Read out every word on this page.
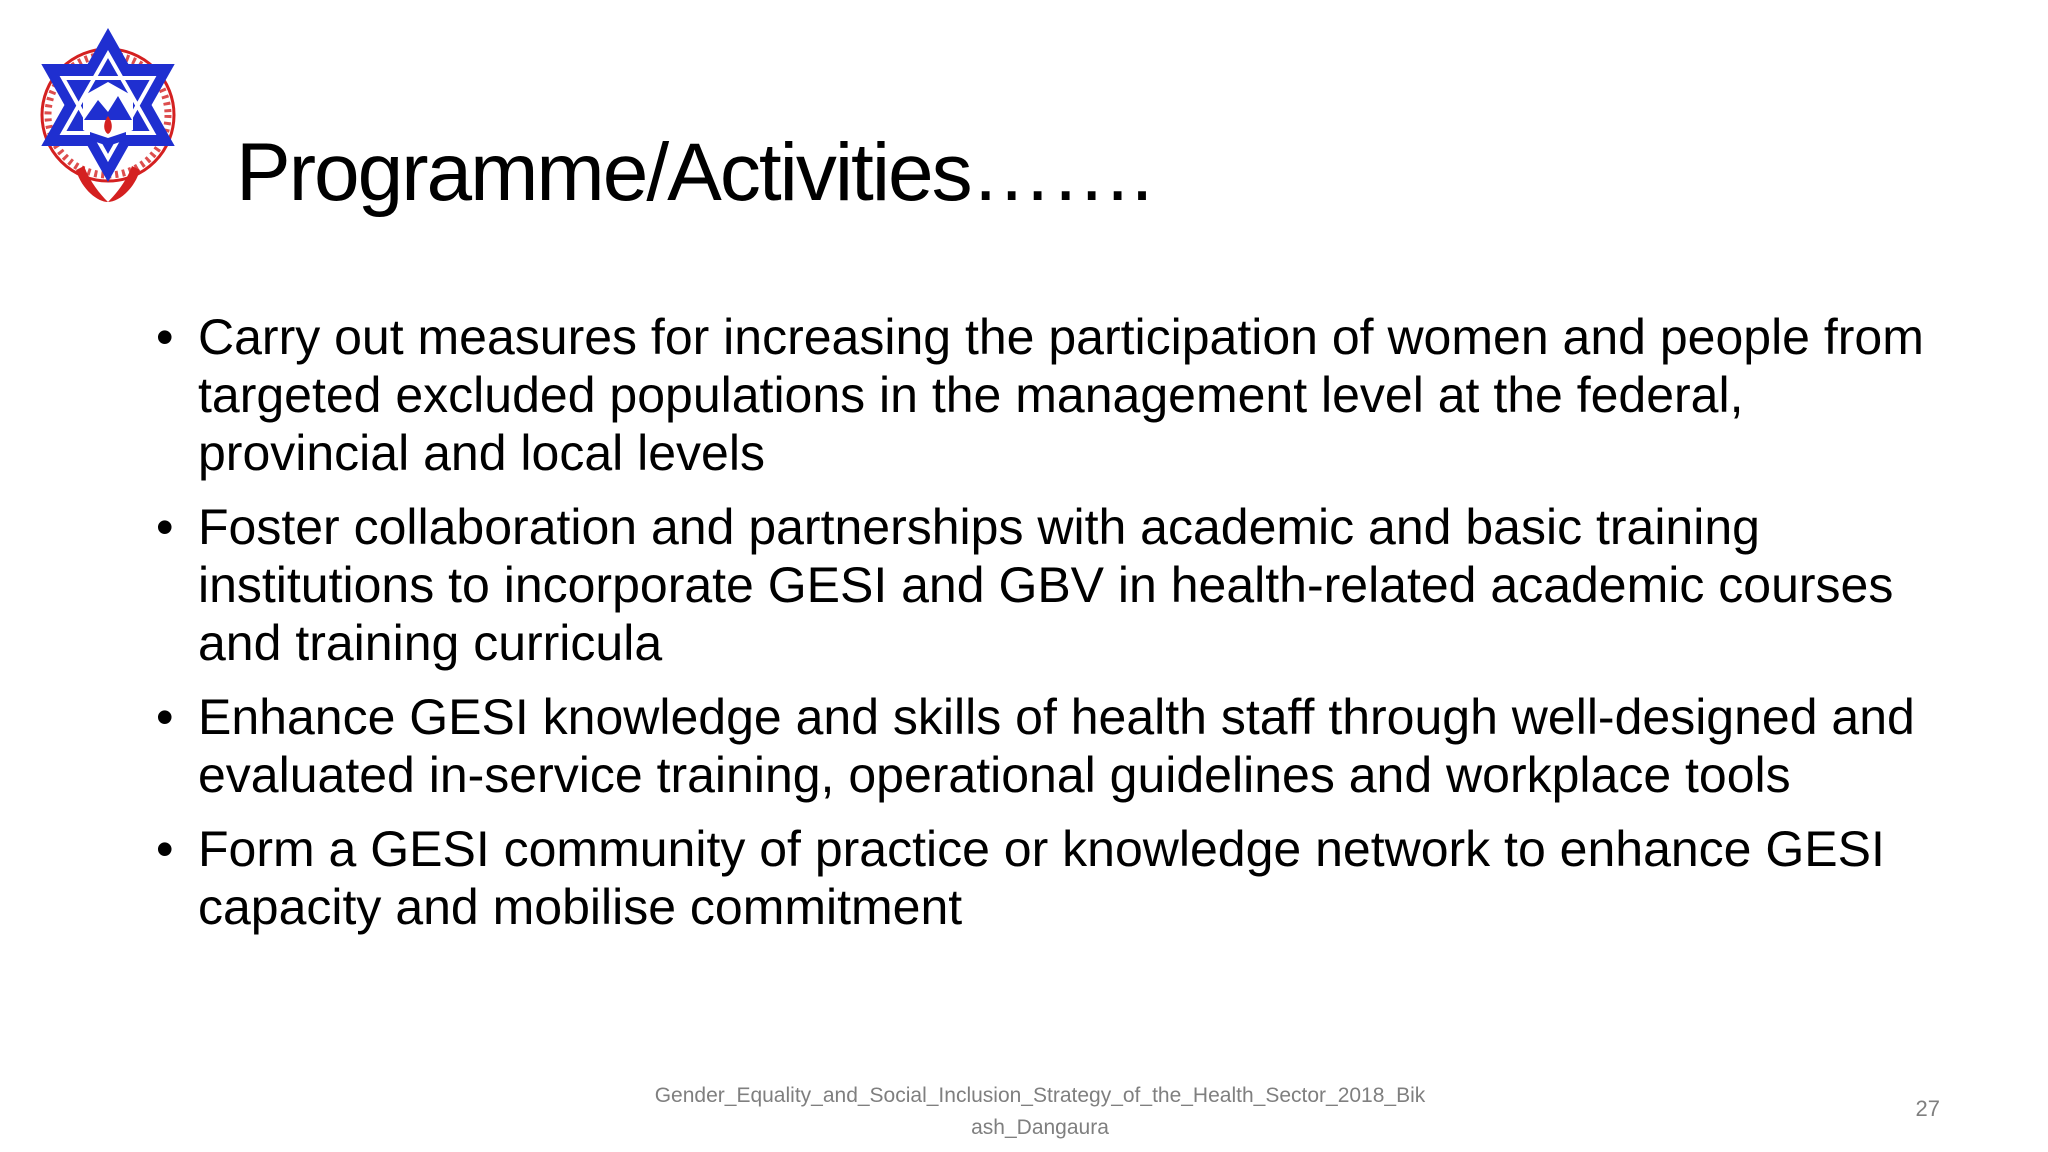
Programme/Activities…….
• Carry out measures for increasing the participation of women and people from targeted excluded populations in the management level at the federal, provincial and local levels
• Foster collaboration and partnerships with academic and basic training institutions to incorporate GESI and GBV in health-related academic courses and training curricula
• Enhance GESI knowledge and skills of health staff through well-designed and evaluated in-service training, operational guidelines and workplace tools
• Form a GESI community of practice or knowledge network to enhance GESI capacity and mobilise commitment
Gender_Equality_and_Social_Inclusion_Strategy_of_the_Health_Sector_2018_Bikash_Dangaura
27
